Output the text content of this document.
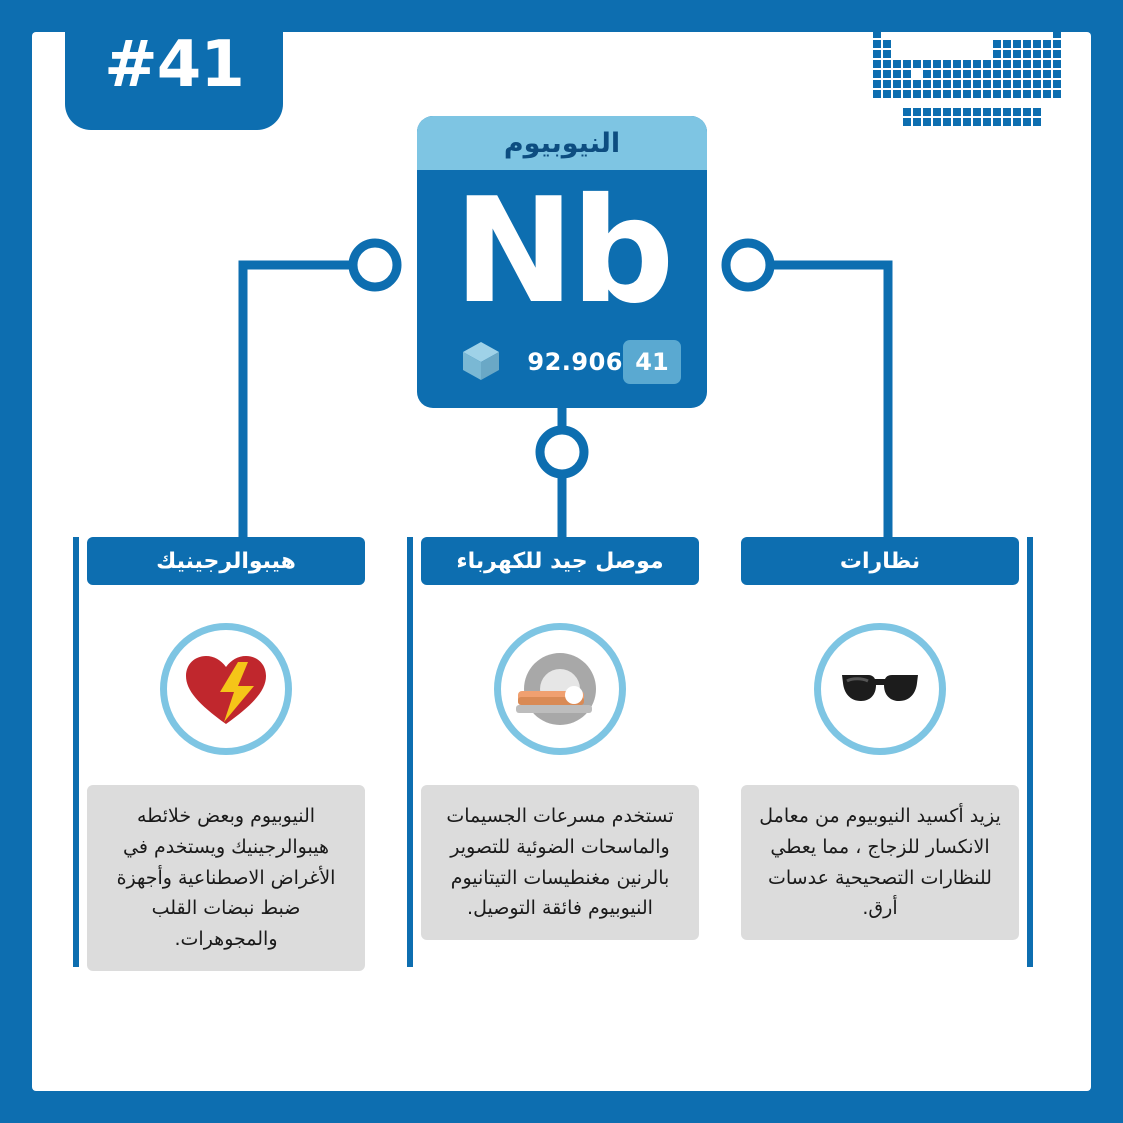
#41
النيوبيوم
Nb
41
92.906
نظارات
يزيد أكسيد النيوبيوم من معامل الانكسار للزجاج ، مما يعطي للنظارات التصحيحية عدسات أرق.
موصل جيد للكهرباء
تستخدم مسرعات الجسيمات والماسحات الضوئية للتصوير بالرنين مغنطيسات التيتانيوم النيوبيوم فائقة التوصيل.
هيبوالرجينيك
النيوبيوم وبعض خلائطه هيبوالرجينيك ويستخدم في الأغراض الاصطناعية وأجهزة ضبط نبضات القلب والمجوهرات.
